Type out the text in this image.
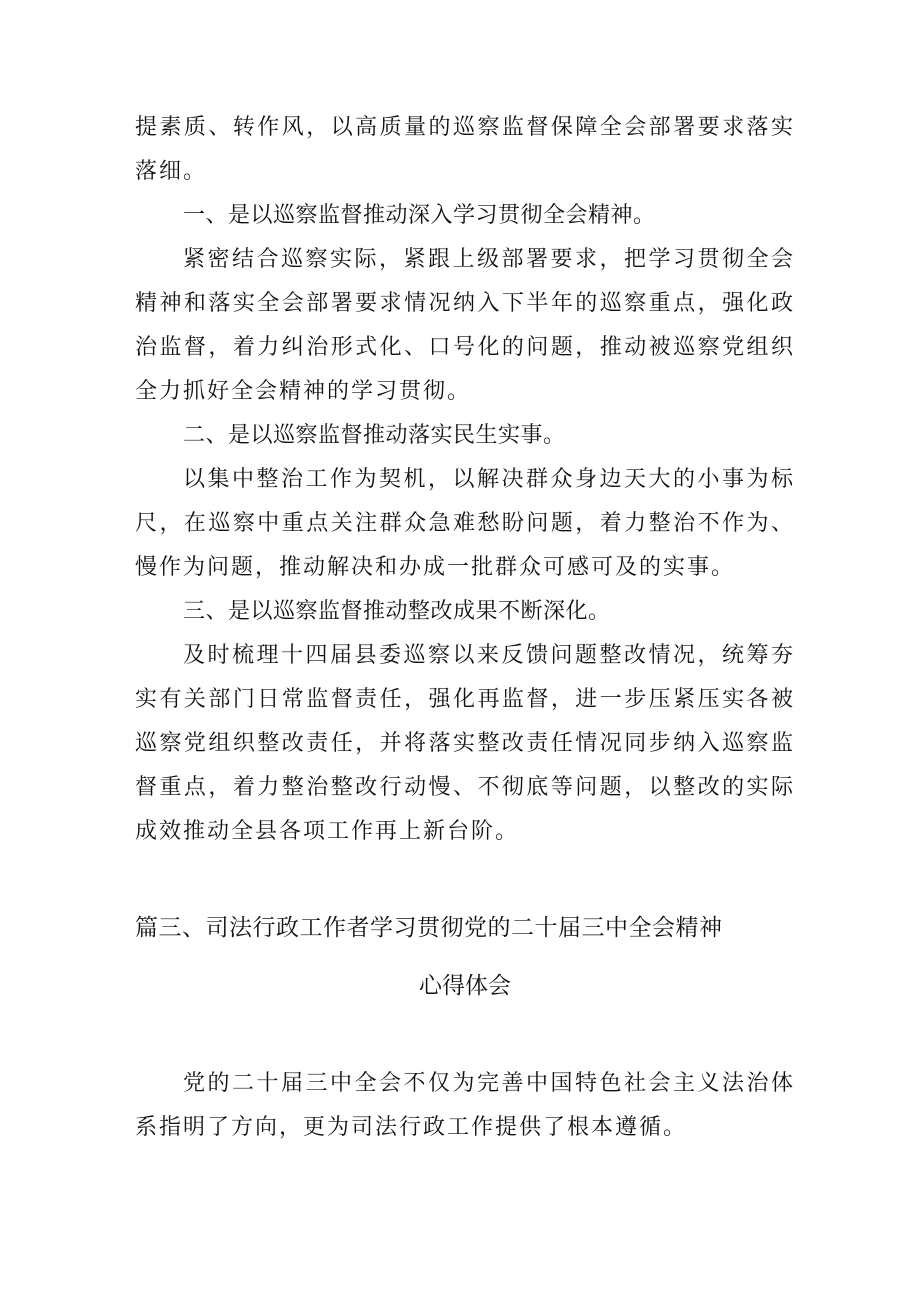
提素质、转作风，以高质量的巡察监督保障全会部署要求落实落细。

一、是以巡察监督推动深入学习贯彻全会精神。

紧密结合巡察实际，紧跟上级部署要求，把学习贯彻全会精神和落实全会部署要求情况纳入下半年的巡察重点，强化政治监督，着力纠治形式化、口号化的问题，推动被巡察党组织全力抓好全会精神的学习贯彻。

二、是以巡察监督推动落实民生实事。

以集中整治工作为契机，以解决群众身边天大的小事为标尺，在巡察中重点关注群众急难愁盼问题，着力整治不作为、慢作为问题，推动解决和办成一批群众可感可及的实事。

三、是以巡察监督推动整改成果不断深化。

及时梳理十四届县委巡察以来反馈问题整改情况，统筹夯实有关部门日常监督责任，强化再监督，进一步压紧压实各被巡察党组织整改责任，并将落实整改责任情况同步纳入巡察监督重点，着力整治整改行动慢、不彻底等问题，以整改的实际成效推动全县各项工作再上新台阶。

篇三、司法行政工作者学习贯彻党的二十届三中全会精神

心得体会

党的二十届三中全会不仅为完善中国特色社会主义法治体系指明了方向，更为司法行政工作提供了根本遵循。
